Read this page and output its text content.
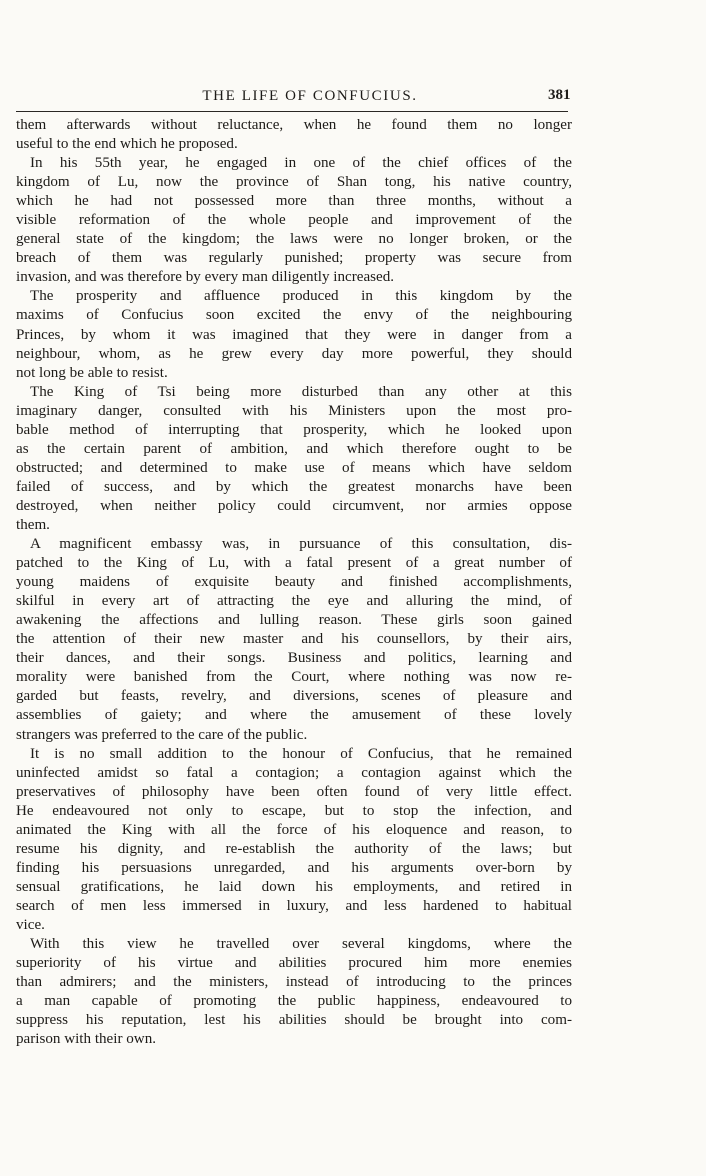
THE LIFE OF CONFUCIUS.	381
them afterwards without reluctance, when he found them no longer
useful to the end which he proposed.
In his 55th year, he engaged in one of the chief offices of the
kingdom of Lu, now the province of Shan tong, his native country,
which he had not possessed more than three months, without a
visible reformation of the whole people and improvement of the
general state of the kingdom; the laws were no longer broken, or the
breach of them was regularly punished; property was secure from
invasion, and was therefore by every man diligently increased.
The prosperity and affluence produced in this kingdom by the
maxims of Confucius soon excited the envy of the neighbouring
Princes, by whom it was imagined that they were in danger from a
neighbour, whom, as he grew every day more powerful, they should
not long be able to resist.
The King of Tsi being more disturbed than any other at this
imaginary danger, consulted with his Ministers upon the most pro-
bable method of interrupting that prosperity, which he looked upon
as the certain parent of ambition, and which therefore ought to be
obstructed; and determined to make use of means which have seldom
failed of success, and by which the greatest monarchs have been
destroyed, when neither policy could circumvent, nor armies oppose
them.
A magnificent embassy was, in pursuance of this consultation, dis-
patched to the King of Lu, with a fatal present of a great number of
young maidens of exquisite beauty and finished accomplishments,
skilful in every art of attracting the eye and alluring the mind, of
awakening the affections and lulling reason. These girls soon gained
the attention of their new master and his counsellors, by their airs,
their dances, and their songs. Business and politics, learning and
morality were banished from the Court, where nothing was now re-
garded but feasts, revelry, and diversions, scenes of pleasure and
assemblies of gaiety; and where the amusement of these lovely
strangers was preferred to the care of the public.
It is no small addition to the honour of Confucius, that he remained
uninfected amidst so fatal a contagion; a contagion against which the
preservatives of philosophy have been often found of very little effect.
He endeavoured not only to escape, but to stop the infection, and
animated the King with all the force of his eloquence and reason, to
resume his dignity, and re-establish the authority of the laws; but
finding his persuasions unregarded, and his arguments over-born by
sensual gratifications, he laid down his employments, and retired in
search of men less immersed in luxury, and less hardened to habitual
vice.
With this view he travelled over several kingdoms, where the
superiority of his virtue and abilities procured him more enemies
than admirers; and the ministers, instead of introducing to the princes
a man capable of promoting the public happiness, endeavoured to
suppress his reputation, lest his abilities should be brought into com-
parison with their own.
